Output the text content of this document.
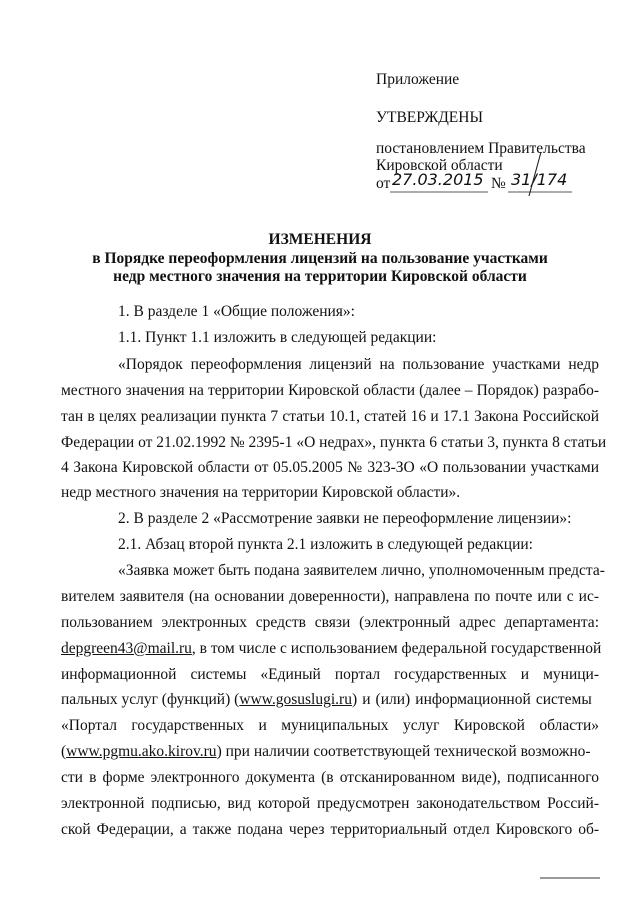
Приложение
УТВЕРЖДЕНЫ
постановлением Правительства
Кировской области
от 27.03.2015 № 31/174
ИЗМЕНЕНИЯ
в Порядке переоформления лицензий на пользование участками
недр местного значения на территории Кировской области
1. В разделе 1 «Общие положения»:
1.1. Пункт 1.1 изложить в следующей редакции:
«Порядок переоформления лицензий на пользование участками недр
местного значения на территории Кировской области (далее – Порядок) разрабо-
тан в целях реализации пункта 7 статьи 10.1, статей 16 и 17.1 Закона Российской
Федерации от 21.02.1992 № 2395-1 «О недрах», пункта 6 статьи 3, пункта 8 статьи
4 Закона Кировской области от 05.05.2005 № 323-ЗО «О пользовании участками
недр местного значения на территории Кировской области».
2. В разделе 2 «Рассмотрение заявки не переоформление лицензии»:
2.1. Абзац второй пункта 2.1 изложить в следующей редакции:
«Заявка может быть подана заявителем лично, уполномоченным предста-
вителем заявителя (на основании доверенности), направлена по почте или с ис-
пользованием электронных средств связи (электронный адрес департамента:
depgreen43@mail.ru , в том числе с использованием федеральной государственной
информационной системы «Единый портал государственных и муници-
пальных услуг (функций) (www.gosuslugi.ru) и (или) информационной системы
«Портал государственных и муниципальных услуг Кировской области»
(www.pgmu.ako.kirov.ru) при наличии соответствующей технической возможно-
сти в форме электронного документа (в отсканированном виде), подписанного
электронной подписью, вид которой предусмотрен законодательством Россий-
ской Федерации, а также подана через территориальный отдел Кировского об-
